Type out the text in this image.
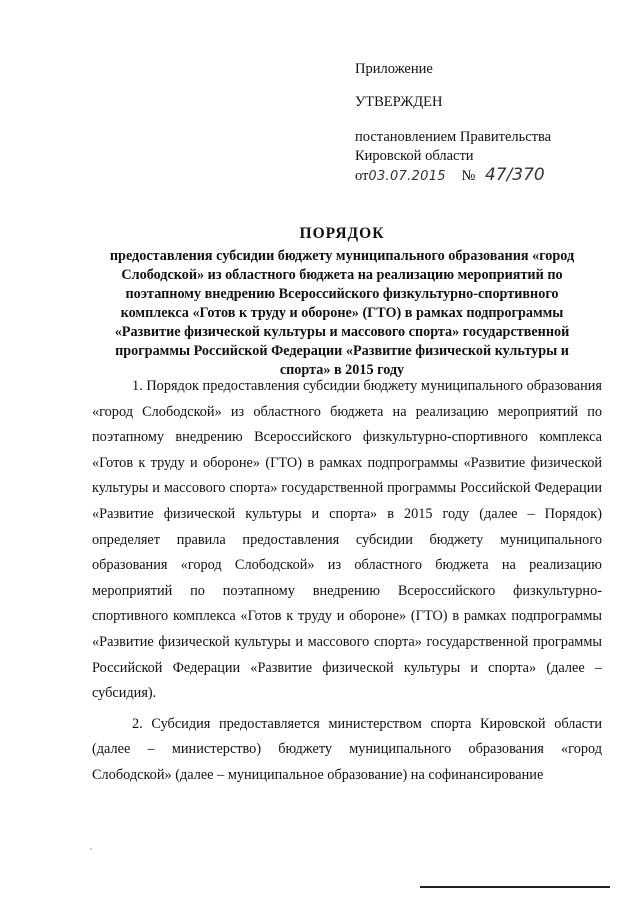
Приложение
УТВЕРЖДЕН
постановлением Правительства
Кировской области
от03.07.2015 № 47/370
ПОРЯДОК
предоставления субсидии бюджету муниципального образования «город Слободской» из областного бюджета на реализацию мероприятий по поэтапному внедрению Всероссийского физкультурно-спортивного комплекса «Готов к труду и обороне» (ГТО) в рамках подпрограммы «Развитие физической культуры и массового спорта» государственной программы Российской Федерации «Развитие физической культуры и спорта» в 2015 году

1. Порядок предоставления субсидии бюджету муниципального образования «город Слободской» из областного бюджета на реализацию мероприятий по поэтапному внедрению Всероссийского физкультурно-спортивного комплекса «Готов к труду и обороне» (ГТО) в рамках подпрограммы «Развитие физической культуры и массового спорта» государственной программы Российской Федерации «Развитие физической культуры и спорта» в 2015 году (далее – Порядок) определяет правила предоставления субсидии бюджету муниципального образования «город Слободской» из областного бюджета на реализацию мероприятий по поэтапному внедрению Всероссийского физкультурно-спортивного комплекса «Готов к труду и обороне» (ГТО) в рамках подпрограммы «Развитие физической культуры и массового спорта» государственной программы Российской Федерации «Развитие физической культуры и спорта» (далее – субсидия).

2. Субсидия предоставляется министерством спорта Кировской области (далее – министерство) бюджету муниципального образования «город Слободской» (далее – муниципальное образование) на софинансирование
